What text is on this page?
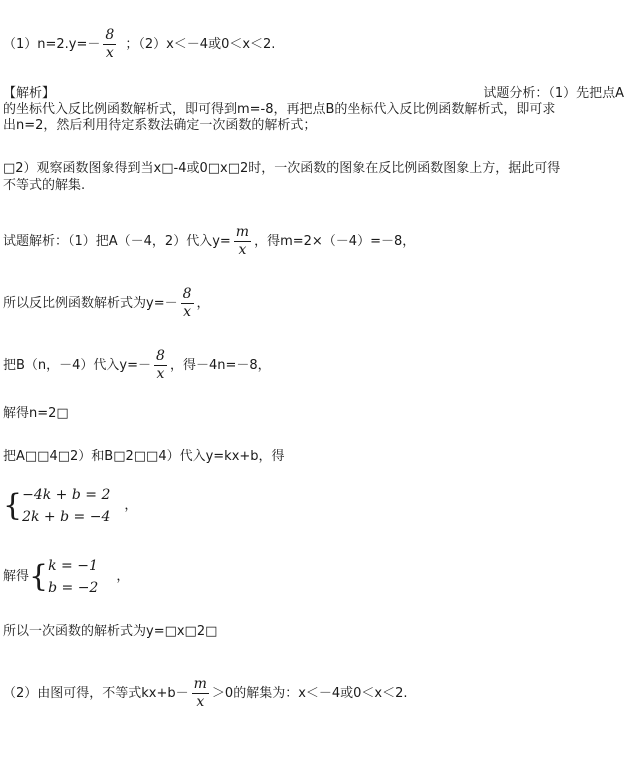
$(1)n=2.y=- \frac{8}{x}$ ；（2）x＜－4或0＜x＜2.
【解析】	试题分析：（1）先把点A
的坐标代入反比例函数解析式，即可得到m=-8，再把点B的坐标代入反比例函数解析式，即可求
出n=2，然后利用待定系数法确定一次函数的解析式；
□2）观察函数图象得到当x□-4或0□x□2时，一次函数的图象在反比例函数图象上方，据此可得
不等式的解集.
试题解析：（1）把A（－4，2）代入$y= \frac{m}{x}$ ，得m=2×（－4）=－8，
所以反比例函数解析式为$y=- \frac{8}{x}$ ，
把B（n，－4）代入$y=- \frac{8}{x}$ ，得－4n=－8，
解得n=2□
把A□□4□2）和B□2□□4）代入y=kx+b，得
{ −4k + b = 2
2k + b = −4
，
解得{ k = −1
b = −2
，
所以一次函数的解析式为y=□x□2□
（2）由图可得，不等式$kx+b- \frac{m}{x} >0$的解集为：x＜－4或0＜x＜2.
